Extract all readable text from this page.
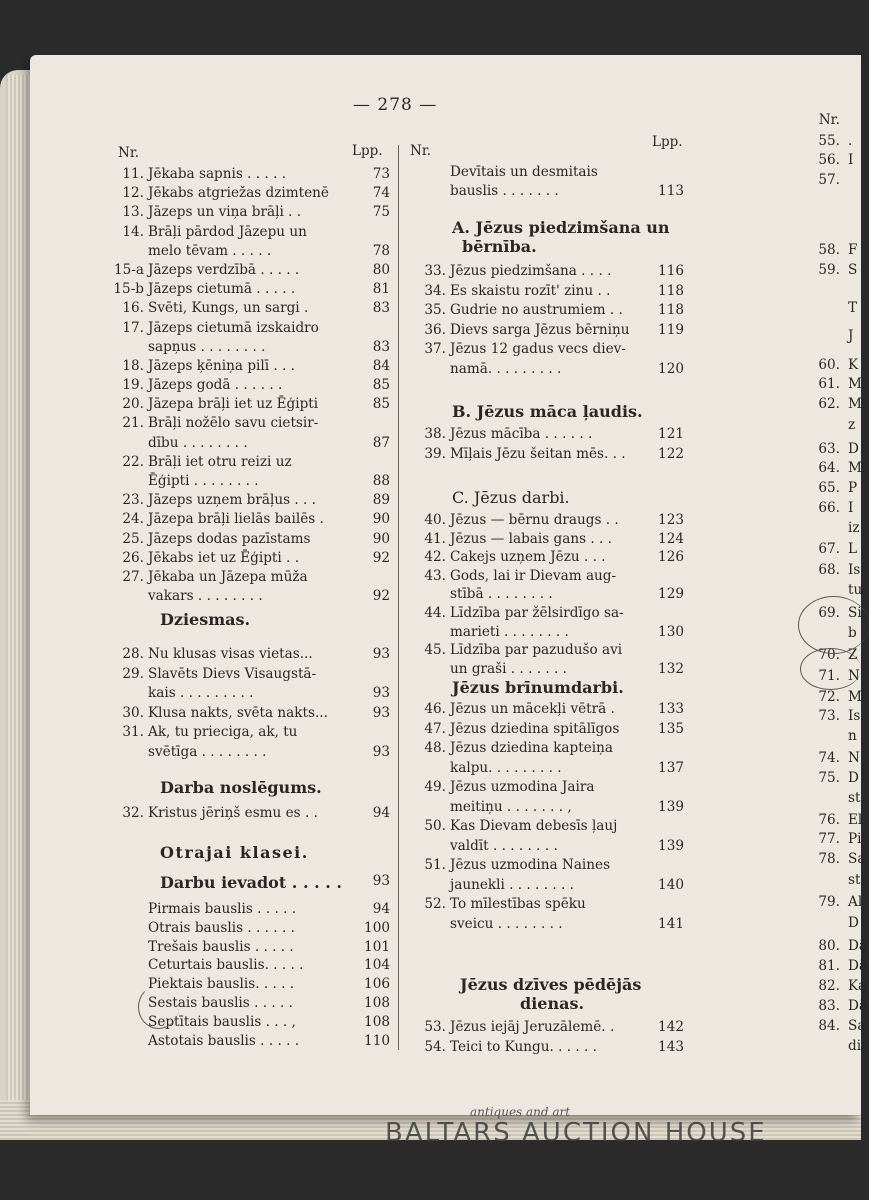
— 278 —
Nr.	Lpp.
11. Jēkaba sapnis . . . . .	73
12. Jēkabs atgriežas dzimtenē	74
13. Jāzeps un viņa brāļi . .	75
14. Brāļi pārdod Jāzepu un
melo tēvam . . . . .	78
15-a Jāzeps verdzībā . . . . .	80
15-b Jāzeps cietumā . . . . .	81
16. Svēti, Kungs, un sargi .	83
17. Jāzeps cietumā izskaidro
sapņus . . . . . . . .	83
18. Jāzeps ķēniņa pilī . . .	84
19. Jāzeps godā . . . . . .	85
20. Jāzepa brāļi iet uz Ēģipti	85
21. Brāļi nožēlo savu cietsir-
dību . . . . . . . .	87
22. Brāļi iet otru reizi uz
Ēģipti . . . . . . . .	88
23. Jāzeps uzņem brāļus . . .	89
24. Jāzepa brāļi lielās bailēs .	90
25. Jāzeps dodas pazīstams	90
26. Jēkabs iet uz Ēģipti . .	92
27. Jēkaba un Jāzepa mūža
vakars . . . . . . . .	92
Dziesmas.
28. Nu klusas visas vietas...	93
29. Slavēts Dievs Visaugstā-
kais . . . . . . . . .	93
30. Klusa nakts, svēta nakts...	93
31. Ak, tu prieciga, ak, tu
svētīga . . . . . . . .	93
Darba noslēgums.
32. Kristus jēriņš esmu es . .	94
Otrajai klasei.
Darbu ievadot . . . . .	93
Pirmais bauslis . . . . .	94
Otrais bauslis . . . . . .	100
Trešais bauslis . . . . .	101
Ceturtais bauslis. . . . .	104
Piektais bauslis. . . . .	106
Sestais bauslis . . . . .	108
Septītais bauslis . . . ,	108
Astotais bauslis . . . . .	110
Nr.
Lpp.
Devītais un desmitais
bauslis . . . . . . .	113
A. Jēzus piedzimšana un
bērnība.
33. Jēzus piedzimšana . . . .	116
34. Es skaistu rozīt' zinu . .	118
35. Gudrie no austrumiem . .	118
36. Dievs sarga Jēzus bērniņu 119
37. Jēzus 12 gadus vecs diev-
namā. . . . . . . . .	120
B. Jēzus māca ļaudis.
38. Jēzus mācība . . . . . .	121
39. Mīļais Jēzu šeitan mēs. . . 122
C. Jēzus darbi.
40. Jēzus — bērnu draugs . .	123
41. Jēzus — labais gans . . .	124
42. Cakejs uzņem Jēzu . . .	126
43. Gods, lai ir Dievam aug-
stībā . . . . . . . .	129
44. Līdzība par žēlsirdīgo sa-
marieti . . . . . . . .	130
45. Līdzība par pazudušo avi
un graši . . . . . . .	132
Jēzus brīnumdarbi.
46. Jēzus un mācekļi vētrā .	133
47. Jēzus dziedina spitālīgos	135
48. Jēzus dziedina kapteiņa
kalpu. . . . . . . . .	137
49. Jēzus uzmodina Jaira
meitiņu . . . . . . . ,	139
50. Kas Dievam debesīs ļauj
valdīt . . . . . . . .	139
51. Jēzus uzmodina Naines
jaunekli . . . . . . . .	140
52. To mīlestības spēku
sveicu . . . . . . . .	141
Jēzus dzīves pēdējās
dienas.
53. Jēzus iejāj Jeruzālemē. .	142
54. Teici to Kungu. . . . . .	143
Nr.
55. .
56. I
57.
58. F
59. S
T
J
60. K
61. M
62. M
z
63. D
64. M
65. P
66. I
iz
67. L
68. Is
tu
69. Si
b
70. Z
71. N
72. M
73. Is
n
74. N
75. D
st
76. El
77. Pi
78. Sa
st
79. Al
D
80. Dā
81. Dā
82. Ka
83. Dā
84. Sa
dil
antiques and art
BALTARS AUCTION HOUSE
